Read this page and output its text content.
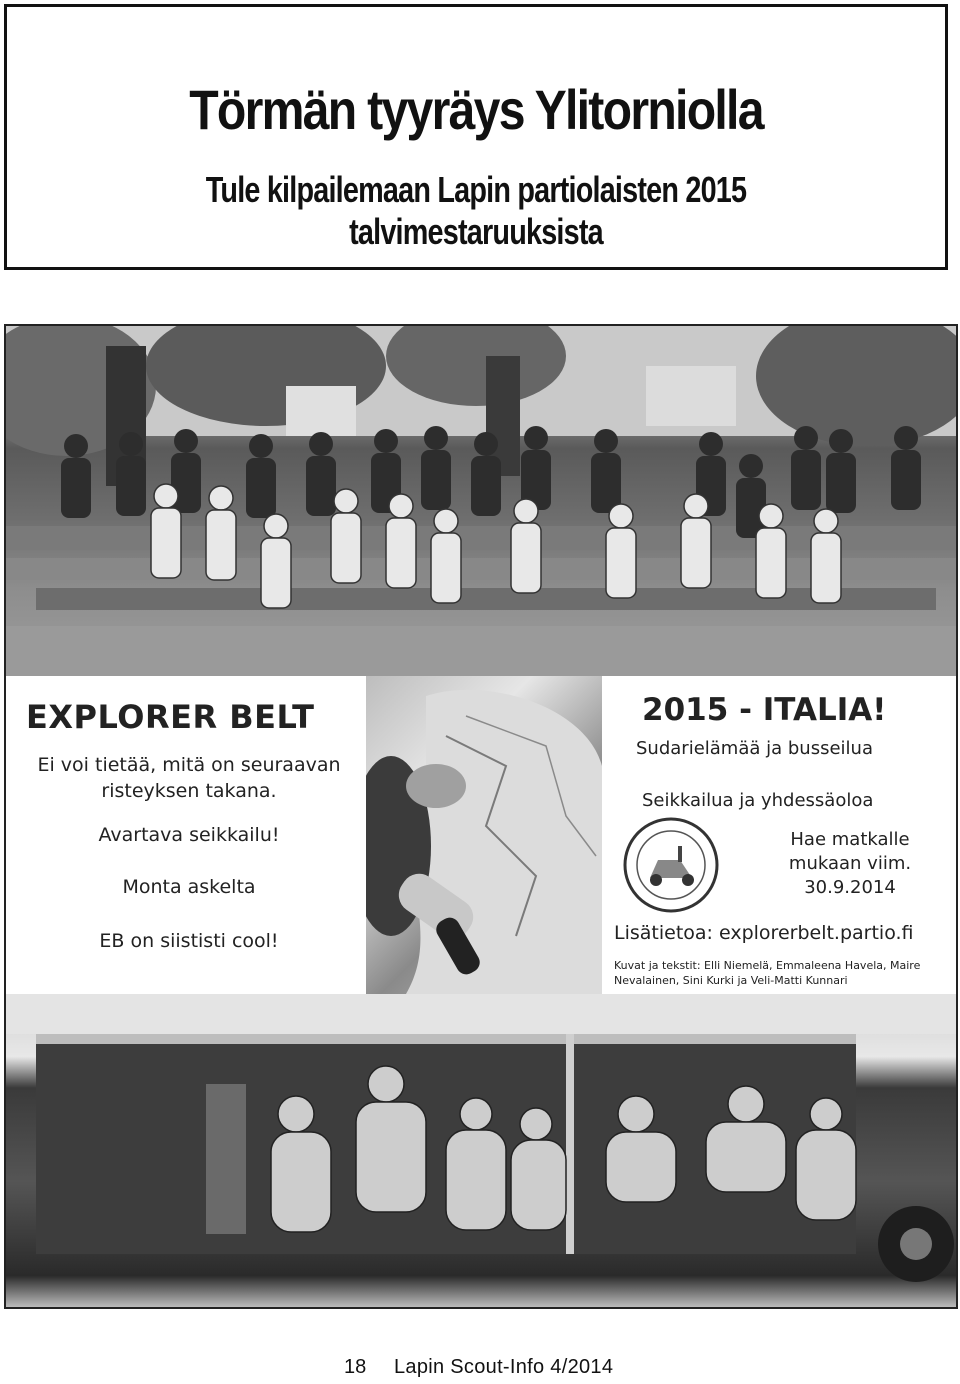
Törmän tyyräys Ylitorniolla
Tule kilpailemaan Lapin partiolaisten 2015 talvimestaruuksista
EXPLORER BELT
Ei voi tietää, mitä on seuraavan risteyksen takana.
Avartava seikkailu!
Monta askelta
EB on siististi cool!
2015 - ITALIA!
Sudarielämää ja busseilua
Seikkailua ja yhdessäoloa
Hae matkalle mukaan viim. 30.9.2014
Lisätietoa: explorerbelt.partio.fi
Kuvat ja tekstit: Elli Niemelä, Emmaleena Havela, Maire Nevalainen, Sini Kurki ja Veli-Matti Kunnari
18 Lapin Scout-Info 4/2014
